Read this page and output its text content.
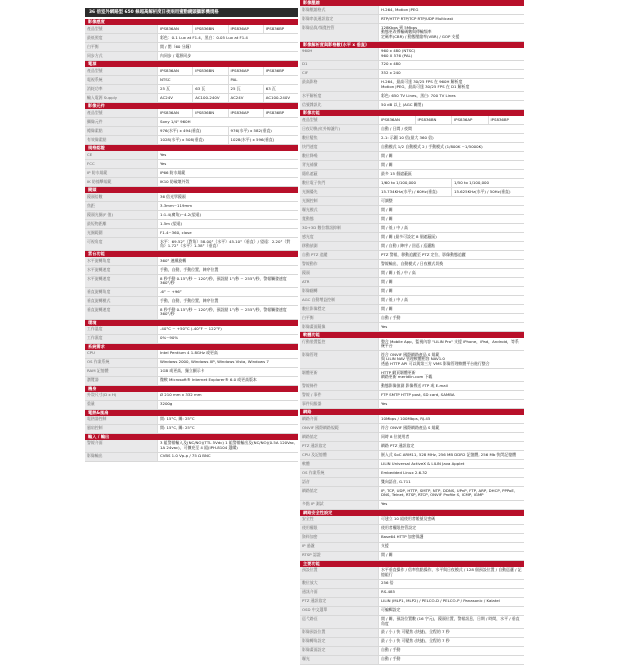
36 倍室外網路型 650 條超高解析度日夜兩用蜜動鏡頭攝影機規格
影像感度
產品型號	IPS836AN	IPS836BN	IPS836AP	IPS836BP
最低照度	彩色：0.1 Lux at F1.4，黑白：0.05 Lux at F1.4
白平衡	開 / 閉（60 分鐘）
同步方式	內同步 / 電源同步
電源
產品型號	IPS836AN	IPS836BN	IPS836AP	IPS836BP
電視系統	NTSC	PAL
消耗功率	25 瓦	63 瓦	25 瓦	63 瓦
輸入電源 Supply	AC24V	AC100-240V	AC24V	AC100-240V
影像元件
產品型號	IPS836AN	IPS836BN	IPS836AP	IPS836BP
攝像元件	Sony 1/4" 960H
總像素點	976(水平) x 494(垂直)	976(水平) x 582(垂直)
有效像素點	1028(水平) x 508(垂直)	1028(水平) x 596(垂直)
規格認證
CE	Yes
FCC	Yes
IP 防水規範	IP66 防水規範
IK 防撞擊規範	IK10 防破壞外殼
鏡頭
鏡頭倍數	36 倍光學鏡頭
焦距	3.3mm~119mm
鏡頭光圈(F 值)	1:1.4(廣角)~4.2(望遠)
最短物距離	1.5m (望遠)
光圈範圍	F1.4~360, close
可視角度	水平：69.52°（對角）58.00°（水平）45.10°（垂直）/ 望遠：2.20°（對角）1.72°（水平）1.38°（垂直）
雲台功能
水平旋轉角度	360° 連續旋轉
水平旋轉速度	手動，自動，手動位置，陣序位置
水平旋轉速度	8 秒手動 0.15°/秒 ~ 120°/秒，預設點 1°/秒 ~ 255°/秒，警報觸發速度 360°/秒
垂直旋轉角度	-6° ~ +96°
垂直旋轉模式	手動，自動，手動位置，陣序位置
垂直旋轉速度	8 秒手動 0.15°/秒 ~ 120°/秒，預設點 1°/秒 ~ 255°/秒，警報觸發速度 360°/秒
環境
工作溫度	-40°C ~ +50°C (-40°F ~ 122°F)
工作濕度	0%~90%
系統需求
CPU	Intel Pentium 4 1.8GHz 或更高
OS 作業系統	Windows 2000, Windows XP, Windows Vista, Windows 7
RAM 記憶體	1GB 或更高，獨立顯示卡
瀏覽器	微軟 Microsoft® Internet Explorer® 6.0 或更高版本
機身
外殼尺寸(D x H)	Ø 210 mm x 332 mm
重量	3200g
電熱&風扇
電熱器控制	開: 15°C, 關: 25°C
風扇控制	開: 15°C, 關: 25°C
輸入 / 輸出
警報介面	3 組警報輸入及(NC/NO)(TTL 5Vdc) 1 組警報輸出及(NC/NO)(0.5A 120Vac, 1A 24vac)，可擴充至 4 組(IPH-8104 選購)
影像輸出	CVBS 1.0 Vp-p / 75 Ω BNC
影像壓縮
影像壓縮格式	H.264, Motion JPEG
影像串流通訊協定	RTP/HTTP RTP/TCP RTP/UDP Multicast
影像品質/頻寬控管	128Kbps 到 5Mbps
動態更改傳輸碼數與傳輸頻率
定碼率(CBR) / 動態壓縮率(VBR) / GOP 支援
影像解析度與影格數(水平 x 垂直)
960H	960 x 480 (NTSC)
960 X 576 (PAL)
D1	720 x 480
CIF	352 x 240
最高影格	H.264，最高可達 30/25 FPS 在 960H 解析度
Motion JPEG，最高可達 30/25 FPS 在 D1 解析度
水平解析度	彩色: 650 TV Lines，黑白: 700 TV Lines
信號雜訊比	50 dB 以上 (AGC 關閉)
影像功能
產品型號	IPS836AN	IPS836BN	IPS836AP	IPS836BP
日夜切換(紅外線濾片)	自動 / 日間 / 夜間
數位變焦	2-1: 示圖 10 倍(最大 360 倍)
快門速度	自動模式 1/2 自動模式 2 / 手動模式 (1/800K ~1/5000K)
數位降噪	開 / 關
背光補償	開 / 關
隱私遮蔽	最多 15 個遮蔽區
數位電子快門	1/60 to 1/100,000	1/50 to 1/100,000
光圈優先	15.734KHz(水平) / 60Hz(垂直)	15.625KHz(水平) / 50Hz(垂直)
光圈控制	可調整
曝光模式	開 / 關
寬動態	開 / 關
3D+3D 數位雜訊抑制	開 / 低 / 中 / 高
感光度	開 / 關 (最多可設定 8 個遮蔽區)
移動偵測	開 / 自動 / 陣序 / 回巡 / 巡邏點
自動 PTZ 追蹤	PTZ 警報，移動追蹤至 PTZ 定位，影像動態追蹤
警報動作	警報輸出，自動模式 / 日夜模式切換
鏡頭	開 / 關 / 低 / 中 / 高
ATR	開 / 關
影像翻轉	開 / 關
AGC 自動增益控制	開 / 低 / 中 / 高
數位影像穩定	開 / 關
白平衡	自動 / 手動
影像畫面鏡像	Yes
軟體功能
行動裝置監控	整合 Mobile App，監視內容 "LILIN Pro" 支援 iPhone，iPad，Android，等系統平台
影像管理	符合 ONVIF 國際網路產品 S 規範
與 LILIN NAV 管理軟體相容 NAV1.0
透過 HTTP API 可以與第三方 VMS 影像管理軟體平台進行整合
韌體更新	HTTP 網頁韌體更新
網路更新 meridlin.com 下載
警報條件	動態影像偵測 影像傳送 FTP 或 E-mail
警報 / 事件	FTP SMTP HTTP post, SD card, SAMBA
事件伺服器	Yes
網路
網路介面	10Mbps / 100Mbps, RJ-45
ONVIF 國際網路規範	符合 ONVIF 國際網路產品 S 規範
網路協定	同時 8 位使用者
PTZ 通訊協定	網路 PTZ 通訊協定
CPU 及記憶體	嵌入式 SoC ARM11, 528 MHz, 256 MB DDR2 記憶體, 256 Mb 快閃記憶體
軟體	LILIN Universal ActiveX & LILIN Java Applet
OS 作業系統	Embedded Linux 2.6.32
語音	雙向語音, G.711
網路協定	IP, TCP, UDP, HTTP, SMTP, NTP, DDNS, UPnP, FTP, ARP, DHCP, PPPoE, DNS, Telnet, RTSP, RTCP, ONVIF Profile S, ICMP, IGMP
多點 IP 測試	Yes
網路安全性設定
安全性	可建立 10 組使用者帳號及密碼
使用權限	使用者權限控管設定
資料加密	Base64 HTTP 加密保護
IP 過濾	支援
RTSP 認證	開 / 關
主要功能
預設位置	水平垂直操作 / 倍率焦點操作，水平與日夜模式 / 128 個預設位置 / 自動巡邏 / 記憶組行
數位放大	256 倍
通訊介面	RS-485
PTZ 通訊協定	LILIN (MLP1, MLP2) / PELCO-D / PELCO-P / Panasonic / Kalatel
OSD 中文選單	可編輯設定
巡弋路徑	開 / 關，預設位置數 (16 字元)，鏡頭位置，警報訊息，日期 / 時間，水平 / 垂直 角度
影像預設位置	最 / 小 / 快 可變焦 (快捷)，全程的 7 秒
影像轉角設定	最 / 小 / 快 可變焦 (快捷)，全程的 7 秒
影像畫面設定	自動 / 手動
曝光	自動 / 手動
